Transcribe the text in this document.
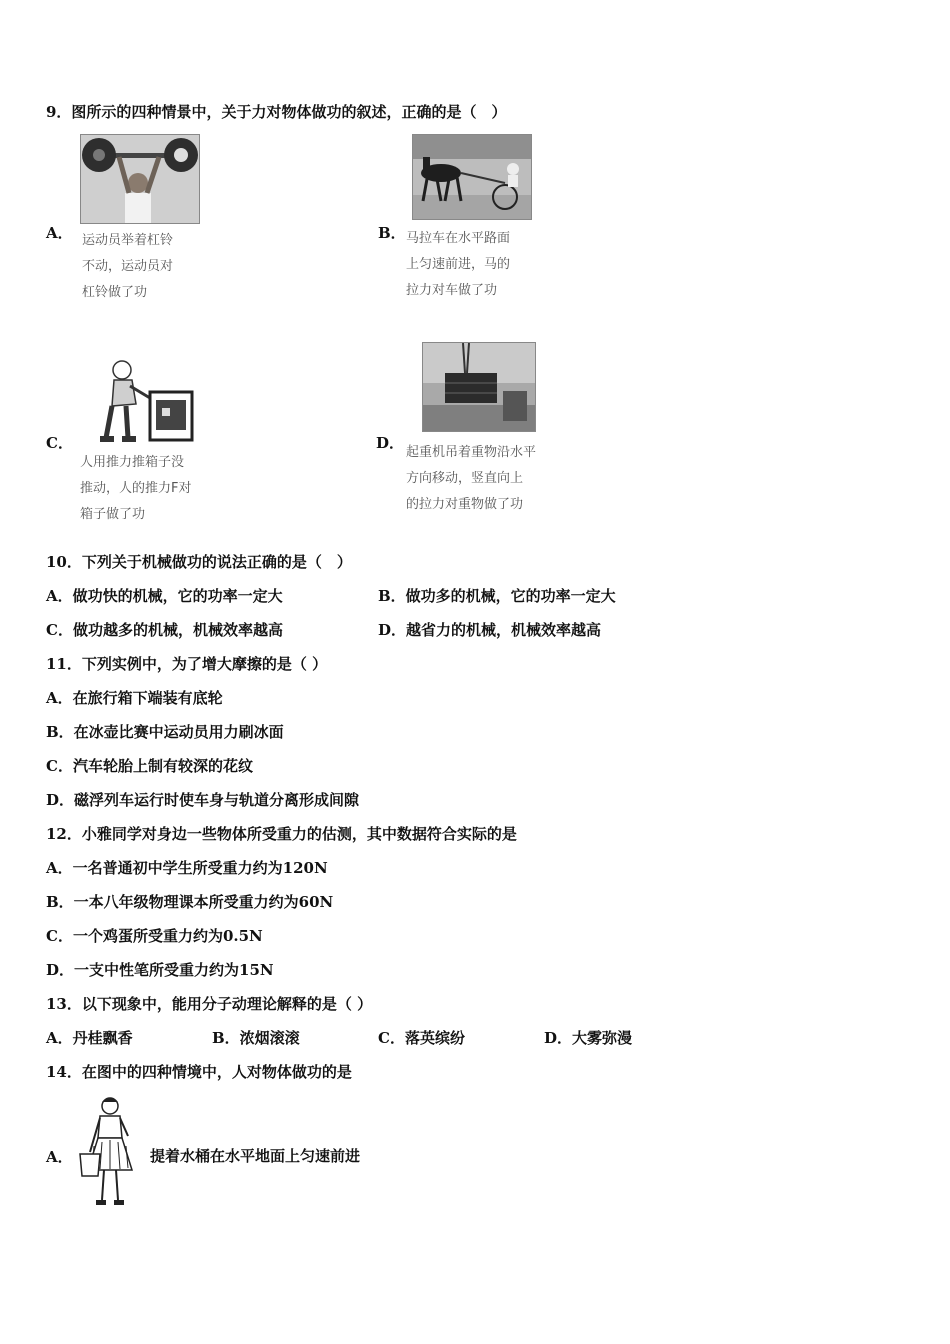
9．图所示的四种情景中，关于力对物体做功的叙述，正确的是（　）
A． 运动员举着杠铃
不动，运动员对
杠铃做了功
B． 马拉车在水平路面
上匀速前进，马的
拉力对车做了功
C．
人用推力推箱子没
推动，人的推力F对
箱子做了功
D．
起重机吊着重物沿水平
方向移动，竖直向上
的拉力对重物做了功
10．下列关于机械做功的说法正确的是（　）
A．做功快的机械，它的功率一定大	B．做功多的机械，它的功率一定大
C．做功越多的机械，机械效率越高	D．越省力的机械，机械效率越高
11．下列实例中，为了增大摩擦的是（ ）
A．在旅行箱下端装有底轮
B．在冰壶比赛中运动员用力刷冰面
C．汽车轮胎上制有较深的花纹
D．磁浮列车运行时使车身与轨道分离形成间隙
12．小雅同学对身边一些物体所受重力的估测，其中数据符合实际的是
A．一名普通初中学生所受重力约为120N
B．一本八年级物理课本所受重力约为60N
C．一个鸡蛋所受重力约为0.5N
D．一支中性笔所受重力约为15N
13．以下现象中，能用分子动理论解释的是（ ）
A．丹桂飘香	B．浓烟滚滚	C．落英缤纷	D．大雾弥漫
14．在图中的四种情境中，人对物体做功的是
A．	提着水桶在水平地面上匀速前进
